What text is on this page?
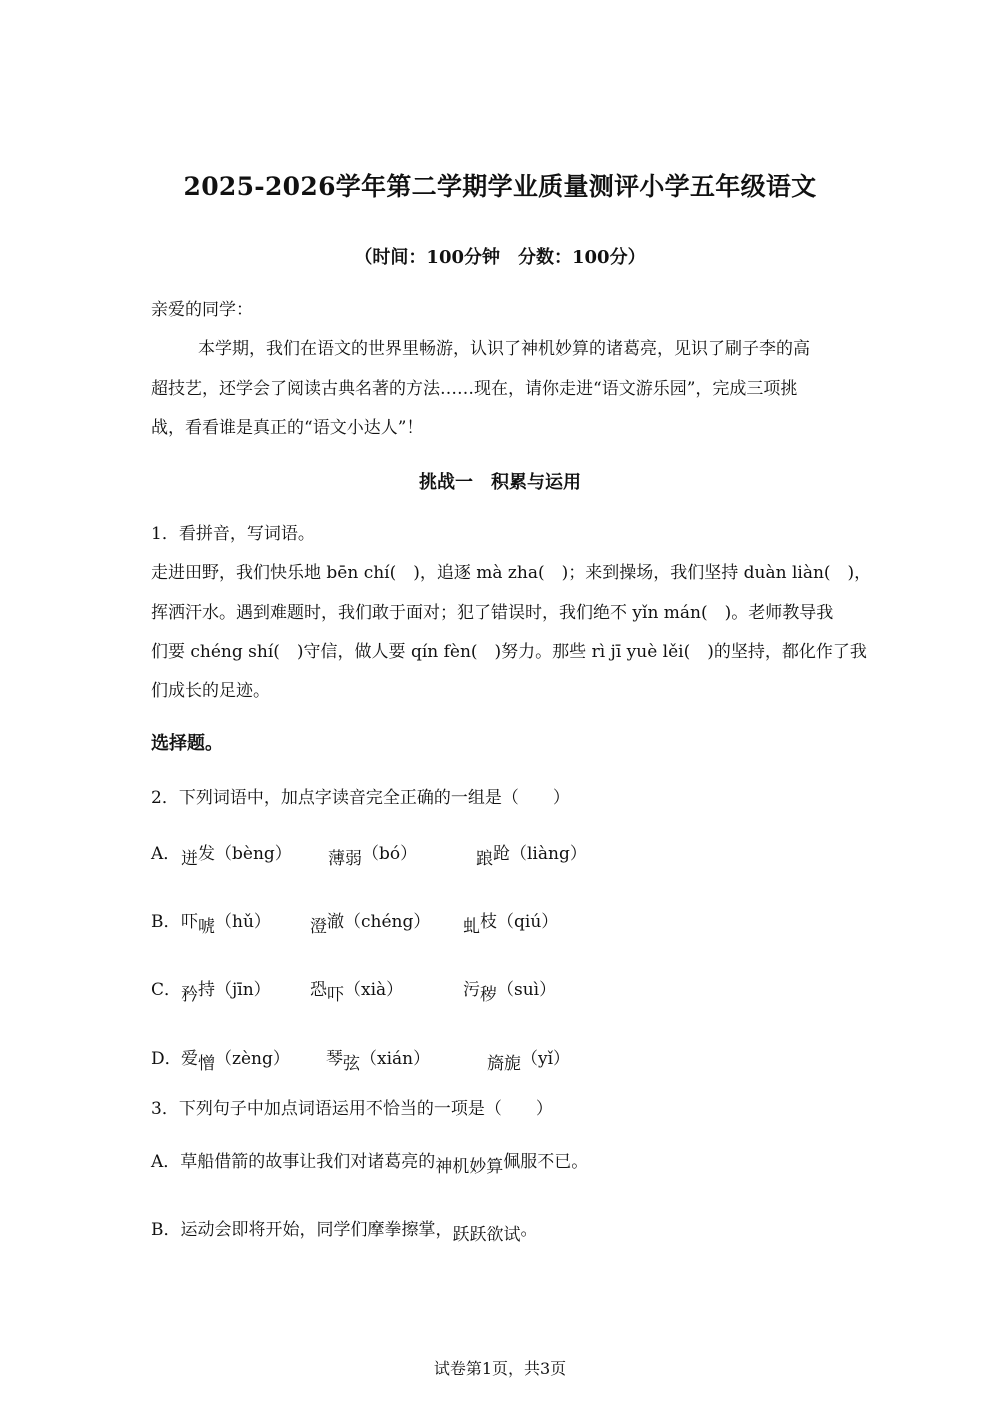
2025-2026学年第二学期学业质量测评小学五年级语文
（时间：100分钟　分数：100分）
亲爱的同学：
本学期，我们在语文的世界里畅游，认识了神机妙算的诸葛亮，见识了刷子李的高
超技艺，还学会了阅读古典名著的方法……现在，请你走进“语文游乐园”，完成三项挑
战，看看谁是真正的“语文小达人”！
挑战一　积累与运用
1．看拼音，写词语。
走进田野，我们快乐地 bēn chí(　)，追逐 mà zha(　)；来到操场，我们坚持 duàn liàn(　)，
挥洒汗水。遇到难题时，我们敢于面对；犯了错误时，我们绝不 yǐn mán(　)。老师教导我
们要 chéng shí(　)守信，做人要 qín fèn(　)努力。那些 rì jī yuè lěi(　)的坚持，都化作了我
们成长的足迹。
选择题。
2．下列词语中，加点字读音完全正确的一组是（　　）
A． 迸发（bèng） 薄弱（bó）	踉跄（liàng）
B． 吓唬（hǔ） 澄澈（chéng） 虬枝（qiú）
C． 矜持（jīn） 恐吓（xià）	污秽（suì）
D． 爱憎（zèng） 琴弦（xián）	旖旎（yǐ）
3．下列句子中加点词语运用不恰当的一项是（　　）
A．草船借箭的故事让我们对诸葛亮的神机妙算佩服不已。
B．运动会即将开始，同学们摩拳擦掌，跃跃欲试。
试卷第1页，共3页
